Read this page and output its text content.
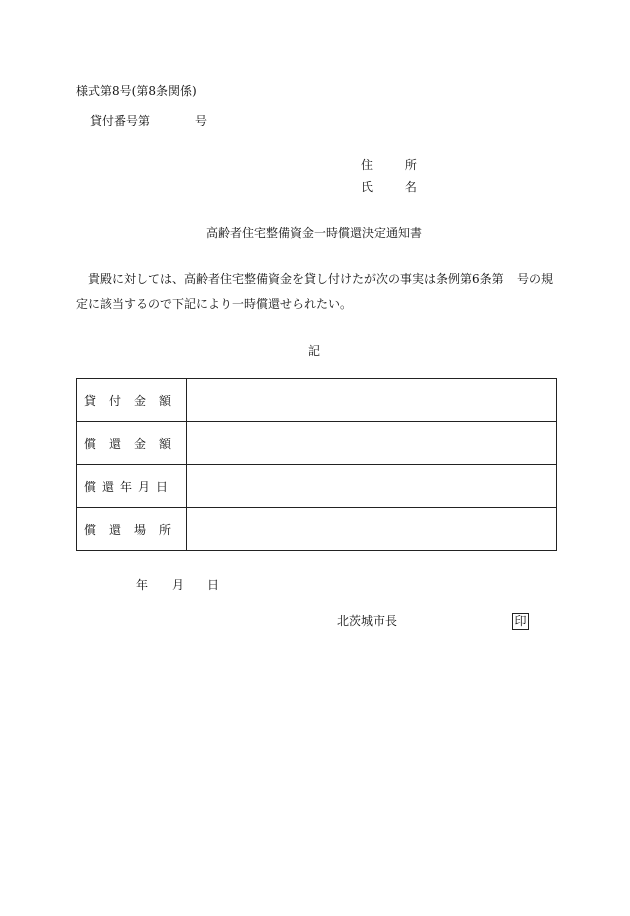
様式第8号(第8条関係)
貸付番号第	号
住 所
氏 名
高齢者住宅整備資金一時償還決定通知書
貴殿に対しては、高齢者住宅整備資金を貸し付けたが次の事実は条例第6条第 号の規
定に該当するので下記により一時償還せられたい。
記
貸付金額	
償還金額	
償還年月日	
償還場所	
年 月 日
北茨城市長	印
